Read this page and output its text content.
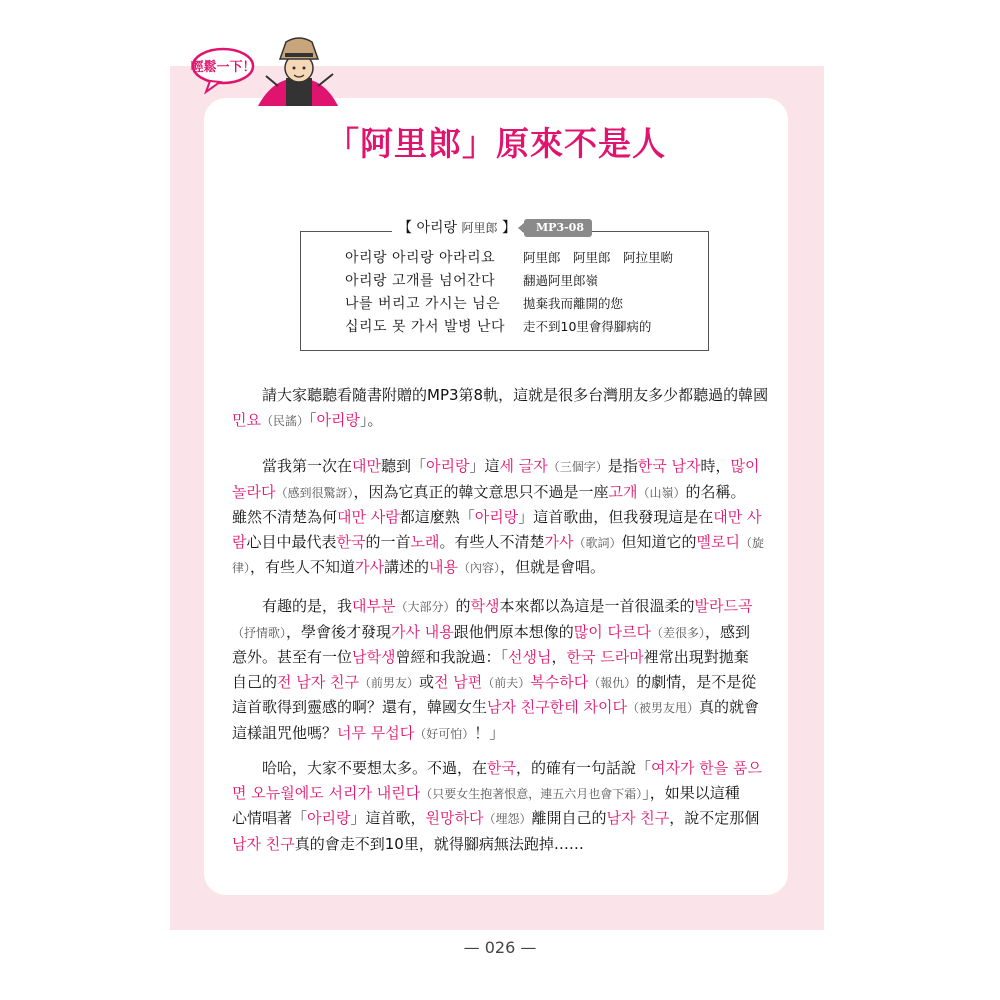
輕鬆一下！
「阿里郎」原來不是人
【 아리랑 阿里郎 】	MP3-08
아리랑 아리랑 아라리요 阿里郎　阿里郎　阿拉里喲
아리랑 고개를 넘어간다 翻過阿里郎嶺
나를 버리고 가시는 님은 拋棄我而離開的您
십리도 못 가서 발병 난다 走不到10里會得腳病的
請大家聽聽看隨書附贈的MP3第8軌，這就是很多台灣朋友多少都聽過的韓國
민요（民謠）「아리랑」。
當我第一次在대만聽到「아리랑」這세 글자（三個字）是指한국 남자時，많이
놀라다（感到很驚訝），因為它真正的韓文意思只不過是一座고개（山嶺）的名稱。
雖然不清楚為何대만 사람都這麼熟「아리랑」這首歌曲，但我發現這是在대만 사
람心目中最代表한국的一首노래。有些人不清楚가사（歌詞）但知道它的멜로디（旋
律），有些人不知道가사講述的내용（內容），但就是會唱。
有趣的是，我대부분（大部分）的학생本來都以為這是一首很溫柔的발라드곡
（抒情歌），學會後才發現가사 내용跟他們原本想像的많이 다르다（差很多），感到
意外。甚至有一位남학생曾經和我說過：「선생님，한국 드라마裡常出現對拋棄
自己的전 남자 친구（前男友）或전 남편（前夫）복수하다（報仇）的劇情，是不是從
這首歌得到靈感的啊？還有，韓國女生남자 친구한테 차이다（被男友甩）真的就會
這樣詛咒他嗎？너무 무섭다（好可怕）！」
哈哈，大家不要想太多。不過，在한국，的確有一句話說「여자가 한을 품으
면 오뉴월에도 서리가 내린다（只要女生抱著恨意，連五六月也會下霜）」，如果以這種
心情唱著「아리랑」這首歌，원망하다（埋怨）離開自己的남자 친구，說不定那個
남자 친구真的會走不到10里，就得腳病無法跑掉……
— 026 —
